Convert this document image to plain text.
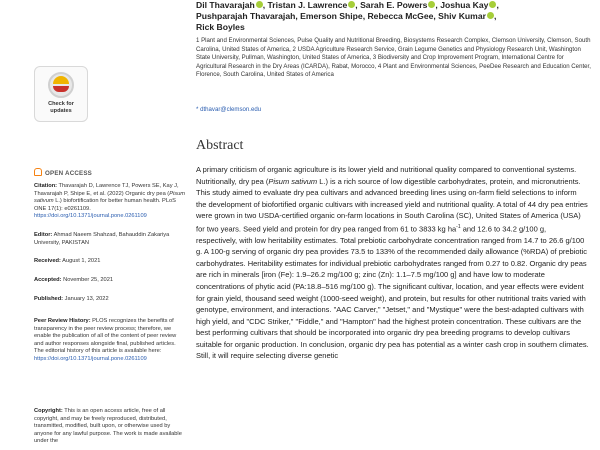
Dil Thavarajah , Tristan J. Lawrence , Sarah E. Powers , Joshua Kay ,
Pushparajah Thavarajah, Emerson Shipe, Rebecca McGee, Shiv Kumar ,
Rick Boyles
1 Plant and Environmental Sciences, Pulse Quality and Nutritional Breeding, Biosystems Research Complex, Clemson University, Clemson, South Carolina, United States of America, 2 USDA Agriculture Research Service, Grain Legume Genetics and Physiology Research Unit, Washington State University, Pullman, Washington, United States of America, 3 Biodiversity and Crop Improvement Program, International Centre for Agricultural Research in the Dry Areas (ICARDA), Rabat, Morocco, 4 Plant and Environmental Sciences, PeeDee Research and Education Center, Florence, South Carolina, United States of America
* dthavar@clemson.edu
Abstract

A primary criticism of organic agriculture is its lower yield and nutritional quality compared to conventional systems. Nutritionally, dry pea (Pisum sativum L.) is a rich source of low digestible carbohydrates, protein, and micronutrients. This study aimed to evaluate dry pea cultivars and advanced breeding lines using on-farm field selections to inform the development of biofortified organic cultivars with increased yield and nutritional quality. A total of 44 dry pea entries were grown in two USDA-certified organic on-farm locations in South Carolina (SC), United States of America (USA) for two years. Seed yield and protein for dry pea ranged from 61 to 3833 kg $ha^{-1}$ and 12.6 to 34.2 g/100 g, respectively, with low heritability estimates. Total prebiotic carbohydrate concentration ranged from 14.7 to 26.6 g/100 g. A 100-g serving of organic dry pea provides 73.5 to 133% of the recommended daily allowance (%RDA) of prebiotic carbohydrates. Heritability estimates for individual prebiotic carbohydrates ranged from 0.27 to 0.82. Organic dry peas are rich in minerals [iron (Fe): 1.9–26.2 mg/100 g; zinc (Zn): 1.1–7.5 mg/100 g] and have low to moderate concentrations of phytic acid (PA:18.8–516 mg/100 g). The significant cultivar, location, and year effects were evident for grain yield, thousand seed weight (1000-seed weight), and protein, but results for other nutritional traits varied with genotype, environment, and interactions. "AAC Carver," "Jetset," and "Mystique" were the best-adapted cultivars with high yield, and "CDC Striker," "Fiddle," and "Hampton" had the highest protein concentration. These cultivars are the best performing cultivars that should be incorporated into organic dry pea breeding programs to develop cultivars suitable for organic production. In conclusion, organic dry pea has potential as a winter cash crop in southern climates. Still, it will require selecting diverse genetic

Check for
updates
OPEN ACCESS
Citation: Thavarajah D, Lawrence TJ, Powers SE, Kay J, Thavarajah P, Shipe E, et al. (2022) Organic dry pea (Pisum sativum L.) biofortification for better human health. PLoS ONE 17(1): e0261109. https://doi.org/10.1371/journal.pone.0261109
Editor: Ahmad Naeem Shahzad, Bahauddin Zakariya University, PAKISTAN
Received: August 1, 2021
Accepted: November 25, 2021
Published: January 13, 2022
Peer Review History: PLOS recognizes the benefits of transparency in the peer review process; therefore, we enable the publication of all of the content of peer review and author responses alongside final, published articles. The editorial history of this article is available here: https://doi.org/10.1371/journal.pone.0261109
Copyright: This is an open access article, free of all copyright, and may be freely reproduced, distributed, transmitted, modified, built upon, or otherwise used by anyone for any lawful purpose. The work is made available under the
